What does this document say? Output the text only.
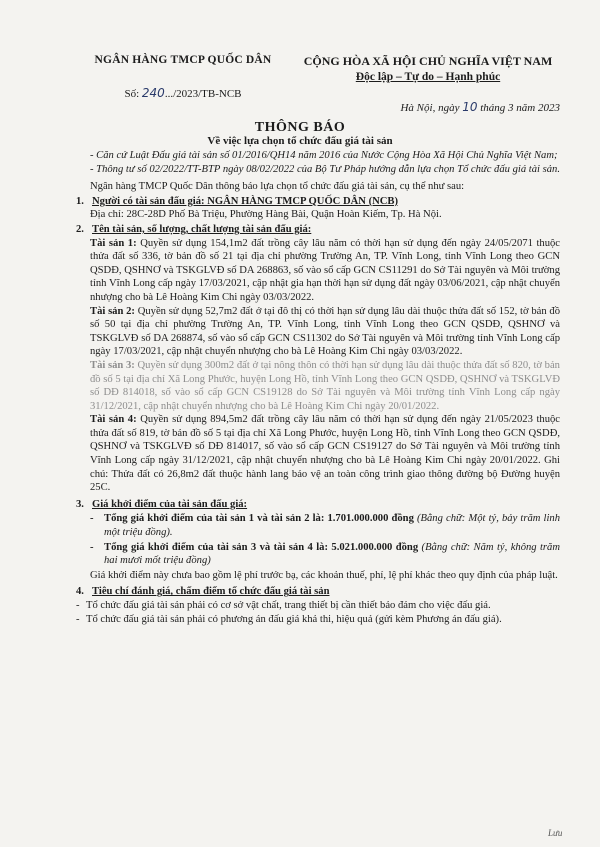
NGÂN HÀNG TMCP QUỐC DÂN
Số: 240.../2023/TB-NCB
CỘNG HÒA XÃ HỘI CHỦ NGHĨA VIỆT NAM
Độc lập – Tự do – Hạnh phúc
Hà Nội, ngày 10 tháng 3 năm 2023
THÔNG BÁO
Về việc lựa chọn tổ chức đấu giá tài sản

- Căn cứ Luật Đấu giá tài sản số 01/2016/QH14 năm 2016 của Nước Cộng Hòa Xã Hội Chủ Nghĩa Việt Nam;

- Thông tư số 02/2022/TT-BTP ngày 08/02/2022 của Bộ Tư Pháp hướng dẫn lựa chọn Tổ chức đấu giá tài sản.

Ngân hàng TMCP Quốc Dân thông báo lựa chọn tổ chức đấu giá tài sản, cụ thể như sau:

1. Người có tài sản đấu giá: NGÂN HÀNG TMCP QUỐC DÂN (NCB)

Địa chỉ: 28C-28D Phố Bà Triệu, Phường Hàng Bài, Quận Hoàn Kiếm, Tp. Hà Nội.

2. Tên tài sản, số lượng, chất lượng tài sản đấu giá:

Tài sản 1: Quyền sử dụng 154,1m2 đất trồng cây lâu năm có thời hạn sử dụng đến ngày 24/05/2071 thuộc thửa đất số 336, tờ bản đồ số 21 tại địa chỉ phường Trường An, TP. Vĩnh Long, tỉnh Vĩnh Long theo GCN QSDĐ, QSHNƠ và TSKGLVĐ số DA 268863, số vào sổ cấp GCN CS11291 do Sở Tài nguyên và Môi trường tỉnh Vĩnh Long cấp ngày 17/03/2021, cập nhật gia hạn thời hạn sử dụng đất ngày 03/06/2021, cập nhật chuyển nhượng cho bà Lê Hoàng Kim Chi ngày 03/03/2022.

Tài sản 2: Quyền sử dụng 52,7m2 đất ở tại đô thị có thời hạn sử dụng lâu dài thuộc thửa đất số 152, tờ bản đồ số 50 tại địa chỉ phường Trường An, TP. Vĩnh Long, tỉnh Vĩnh Long theo GCN QSDĐ, QSHNƠ và TSKGLVĐ số DA 268874, số vào sổ cấp GCN CS11302 do Sở Tài nguyên và Môi trường tỉnh Vĩnh Long cấp ngày 17/03/2021, cập nhật chuyển nhượng cho bà Lê Hoàng Kim Chi ngày 03/03/2022.

Tài sản 3: Quyền sử dụng 300m2 đất ở tại nông thôn có thời hạn sử dụng lâu dài thuộc thửa đất số 820, tờ bản đồ số 5 tại địa chỉ Xã Long Phước, huyện Long Hồ, tỉnh Vĩnh Long theo GCN QSDĐ, QSHNƠ và TSKGLVĐ số DĐ 814018, số vào sổ cấp GCN CS19128 do Sở Tài nguyên và Môi trường tỉnh Vĩnh Long cấp ngày 31/12/2021, cập nhật chuyển nhượng cho bà Lê Hoàng Kim Chi ngày 20/01/2022.

Tài sản 4: Quyền sử dụng 894,5m2 đất trồng cây lâu năm có thời hạn sử dụng đến ngày 21/05/2023 thuộc thửa đất số 819, tờ bản đồ số 5 tại địa chỉ Xã Long Phước, huyện Long Hồ, tỉnh Vĩnh Long theo GCN QSDĐ, QSHNƠ và TSKGLVĐ số DĐ 814017, số vào sổ cấp GCN CS19127 do Sở Tài nguyên và Môi trường tỉnh Vĩnh Long cấp ngày 31/12/2021, cập nhật chuyển nhượng cho bà Lê Hoàng Kim Chi ngày 20/01/2022. Ghi chú: Thửa đất có 26,8m2 đất thuộc hành lang bảo vệ an toàn công trình giao thông đường bộ Đường huyện 25C.

3. Giá khởi điểm của tài sản đấu giá:
- Tổng giá khởi điểm của tài sản 1 và tài sản 2 là: 1.701.000.000 đồng (Bằng chữ: Một tỷ, bảy trăm linh một triệu đồng).
- Tổng giá khởi điểm của tài sản 3 và tài sản 4 là: 5.021.000.000 đồng (Bằng chữ: Năm tỷ, không trăm hai mươi mốt triệu đồng)

Giá khởi điểm này chưa bao gồm lệ phí trước bạ, các khoản thuế, phí, lệ phí khác theo quy định của pháp luật.

4. Tiêu chí đánh giá, chấm điểm tổ chức đấu giá tài sản
- Tổ chức đấu giá tài sản phải có cơ sở vật chất, trang thiết bị cần thiết bảo đảm cho việc đấu giá.
- Tổ chức đấu giá tài sản phải có phương án đấu giá khả thi, hiệu quả (gửi kèm Phương án đấu giá).
Lưu
